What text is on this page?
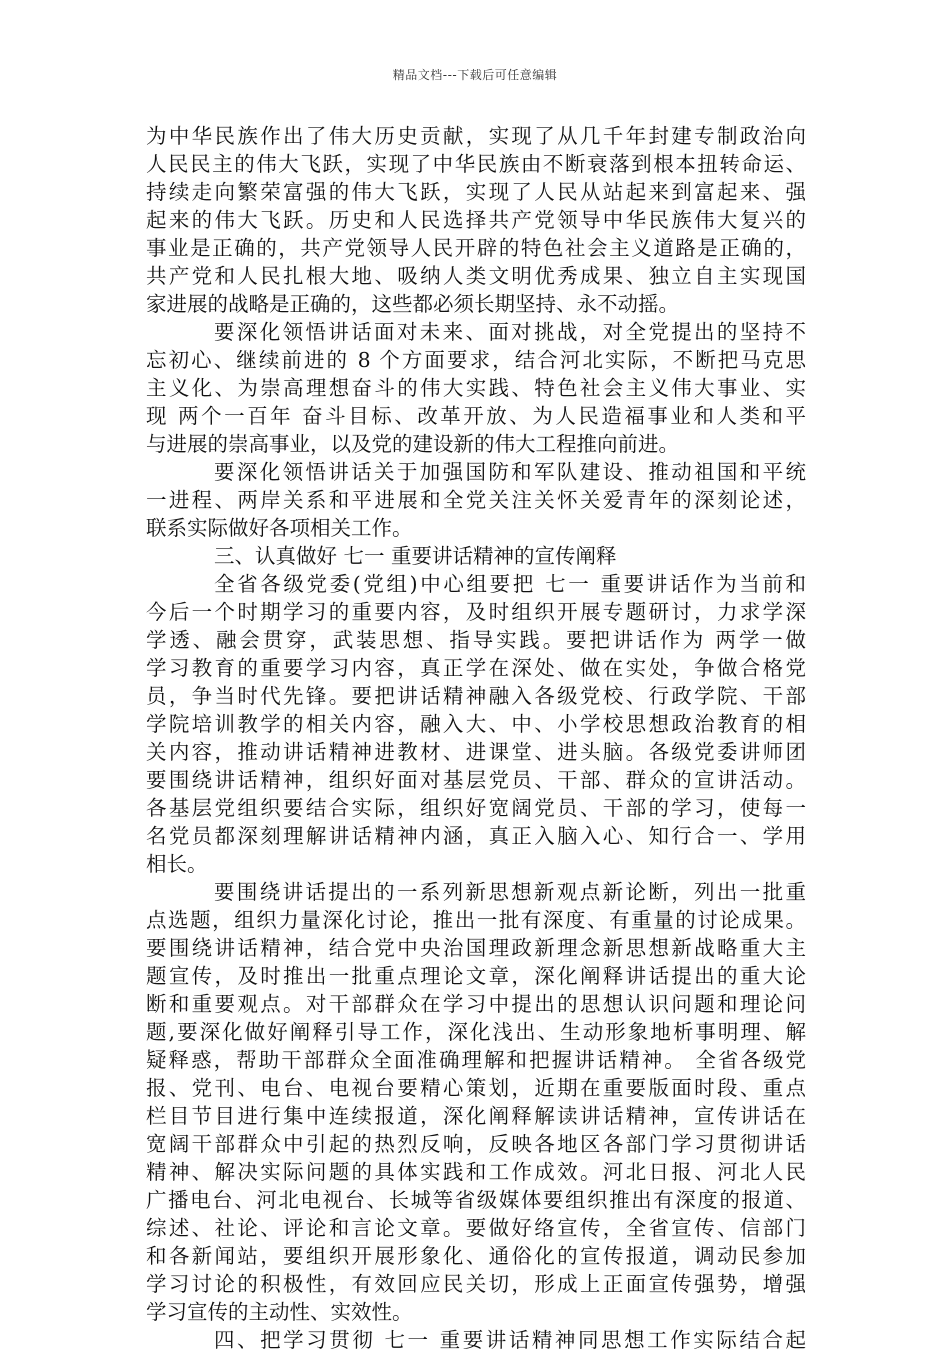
精品文档---下载后可任意编辑
为中华民族作出了伟大历史贡献，实现了从几千年封建专制政治向
人民民主的伟大飞跃，实现了中华民族由不断衰落到根本扭转命运、
持续走向繁荣富强的伟大飞跃，实现了人民从站起来到富起来、强
起来的伟大飞跃。历史和人民选择共产党领导中华民族伟大复兴的
事业是正确的，共产党领导人民开辟的特色社会主义道路是正确的，
共产党和人民扎根大地、吸纳人类文明优秀成果、独立自主实现国
家进展的战略是正确的，这些都必须长期坚持、永不动摇。
要深化领悟讲话面对未来、面对挑战，对全党提出的坚持不
忘初心、继续前进的 8 个方面要求，结合河北实际，不断把马克思
主义化、为崇高理想奋斗的伟大实践、特色社会主义伟大事业、实
现 两个一百年 奋斗目标、改革开放、为人民造福事业和人类和平
与进展的崇高事业，以及党的建设新的伟大工程推向前进。
要深化领悟讲话关于加强国防和军队建设、推动祖国和平统
一进程、两岸关系和平进展和全党关注关怀关爱青年的深刻论述，
联系实际做好各项相关工作。
三、认真做好 七一 重要讲话精神的宣传阐释
全省各级党委(党组)中心组要把 七一 重要讲话作为当前和
今后一个时期学习的重要内容，及时组织开展专题研讨，力求学深
学透、融会贯穿，武装思想、指导实践。要把讲话作为 两学一做
学习教育的重要学习内容，真正学在深处、做在实处，争做合格党
员，争当时代先锋。要把讲话精神融入各级党校、行政学院、干部
学院培训教学的相关内容，融入大、中、小学校思想政治教育的相
关内容，推动讲话精神进教材、进课堂、进头脑。各级党委讲师团
要围绕讲话精神，组织好面对基层党员、干部、群众的宣讲活动。
各基层党组织要结合实际，组织好宽阔党员、干部的学习，使每一
名党员都深刻理解讲话精神内涵，真正入脑入心、知行合一、学用
相长。
要围绕讲话提出的一系列新思想新观点新论断，列出一批重
点选题，组织力量深化讨论，推出一批有深度、有重量的讨论成果。
要围绕讲话精神，结合党中央治国理政新理念新思想新战略重大主
题宣传，及时推出一批重点理论文章，深化阐释讲话提出的重大论
断和重要观点。对干部群众在学习中提出的思想认识问题和理论问
题,要深化做好阐释引导工作，深化浅出、生动形象地析事明理、解
疑释惑，帮助干部群众全面准确理解和把握讲话精神。 全省各级党
报、党刊、电台、电视台要精心策划，近期在重要版面时段、重点
栏目节目进行集中连续报道，深化阐释解读讲话精神，宣传讲话在
宽阔干部群众中引起的热烈反响，反映各地区各部门学习贯彻讲话
精神、解决实际问题的具体实践和工作成效。河北日报、河北人民
广播电台、河北电视台、长城等省级媒体要组织推出有深度的报道、
综述、社论、评论和言论文章。要做好络宣传，全省宣传、信部门
和各新闻站，要组织开展形象化、通俗化的宣传报道，调动民参加
学习讨论的积极性，有效回应民关切，形成上正面宣传强势，增强
学习宣传的主动性、实效性。
四、把学习贯彻 七一 重要讲话精神同思想工作实际结合起
